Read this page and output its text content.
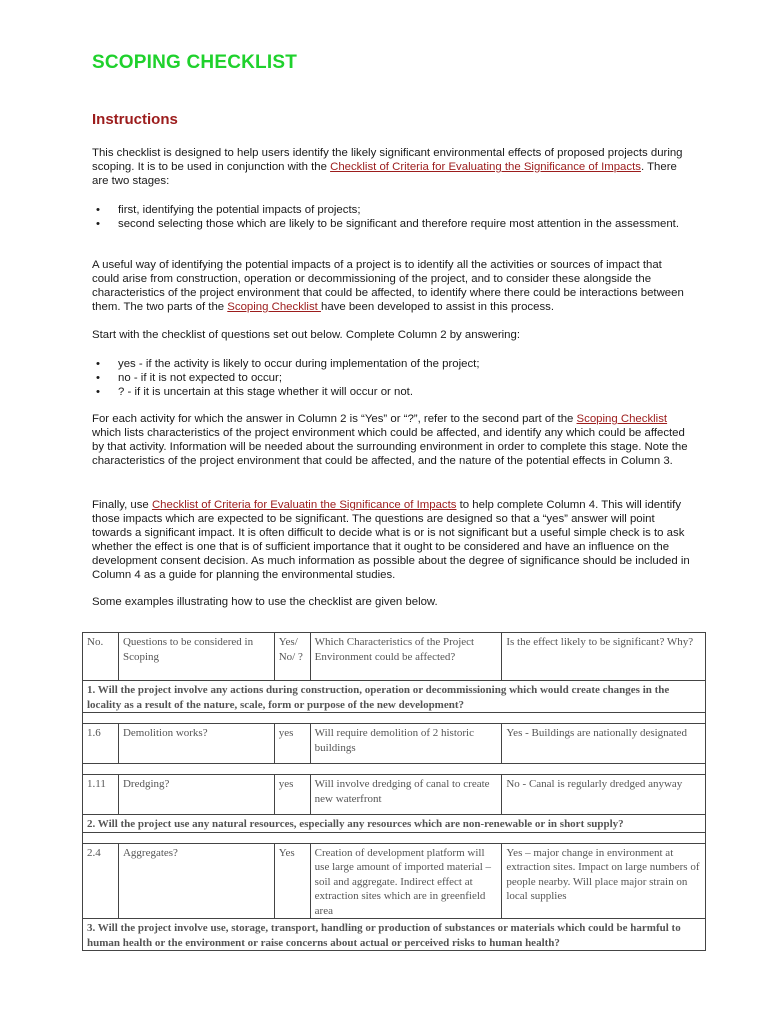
SCOPING CHECKLIST
Instructions

This checklist is designed to help users identify the likely significant environmental effects of proposed projects during scoping. It is to be used in conjunction with the Checklist of Criteria for Evaluating the Significance of Impacts. There are two stages:

• first, identifying the potential impacts of projects;
• second selecting those which are likely to be significant and therefore require most attention in the assessment.

A useful way of identifying the potential impacts of a project is to identify all the activities or sources of impact that could arise from construction, operation or decommissioning of the project, and to consider these alongside the characteristics of the project environment that could be affected, to identify where there could be interactions between them. The two parts of the Scoping Checklist have been developed to assist in this process.

Start with the checklist of questions set out below. Complete Column 2 by answering:

• yes - if the activity is likely to occur during implementation of the project;
• no - if it is not expected to occur;
• ? - if it is uncertain at this stage whether it will occur or not.

For each activity for which the answer in Column 2 is “Yes” or “?”, refer to the second part of the Scoping Checklist which lists characteristics of the project environment which could be affected, and identify any which could be affected by that activity. Information will be needed about the surrounding environment in order to complete this stage. Note the characteristics of the project environment that could be affected, and the nature of the potential effects in Column 3.

Finally, use Checklist of Criteria for Evaluatin the Significance of Impacts to help complete Column 4. This will identify those impacts which are expected to be significant. The questions are designed so that a “yes” answer will point towards a significant impact. It is often difficult to decide what is or is not significant but a useful simple check is to ask whether the effect is one that is of sufficient importance that it ought to be considered and have an influence on the development consent decision. As much information as possible about the degree of significance should be included in Column 4 as a guide for planning the environmental studies.

Some examples illustrating how to use the checklist are given below.

No.	Questions to be considered in Scoping	Yes/ No/ ?	Which Characteristics of the Project Environment could be affected?	Is the effect likely to be significant? Why?
1. Will the project involve any actions during construction, operation or decommissioning which would create changes in the locality as a result of the nature, scale, form or purpose of the new development?				

1.6	Demolition works?	yes	Will require demolition of 2 historic buildings	Yes - Buildings are nationally designated

1.11	Dredging?	yes	Will involve dredging of canal to create new waterfront	No - Canal is regularly dredged anyway
2. Will the project use any natural resources, especially any resources which are non-renewable or in short supply?				

2.4	Aggregates?	Yes	Creation of development platform will use large amount of imported material – soil and aggregate. Indirect effect at extraction sites which are in greenfield area	Yes – major change in environment at extraction sites. Impact on large numbers of people nearby. Will place major strain on local supplies
3. Will the project involve use, storage, transport, handling or production of substances or materials which could be harmful to human health or the environment or raise concerns about actual or perceived risks to human health?				
